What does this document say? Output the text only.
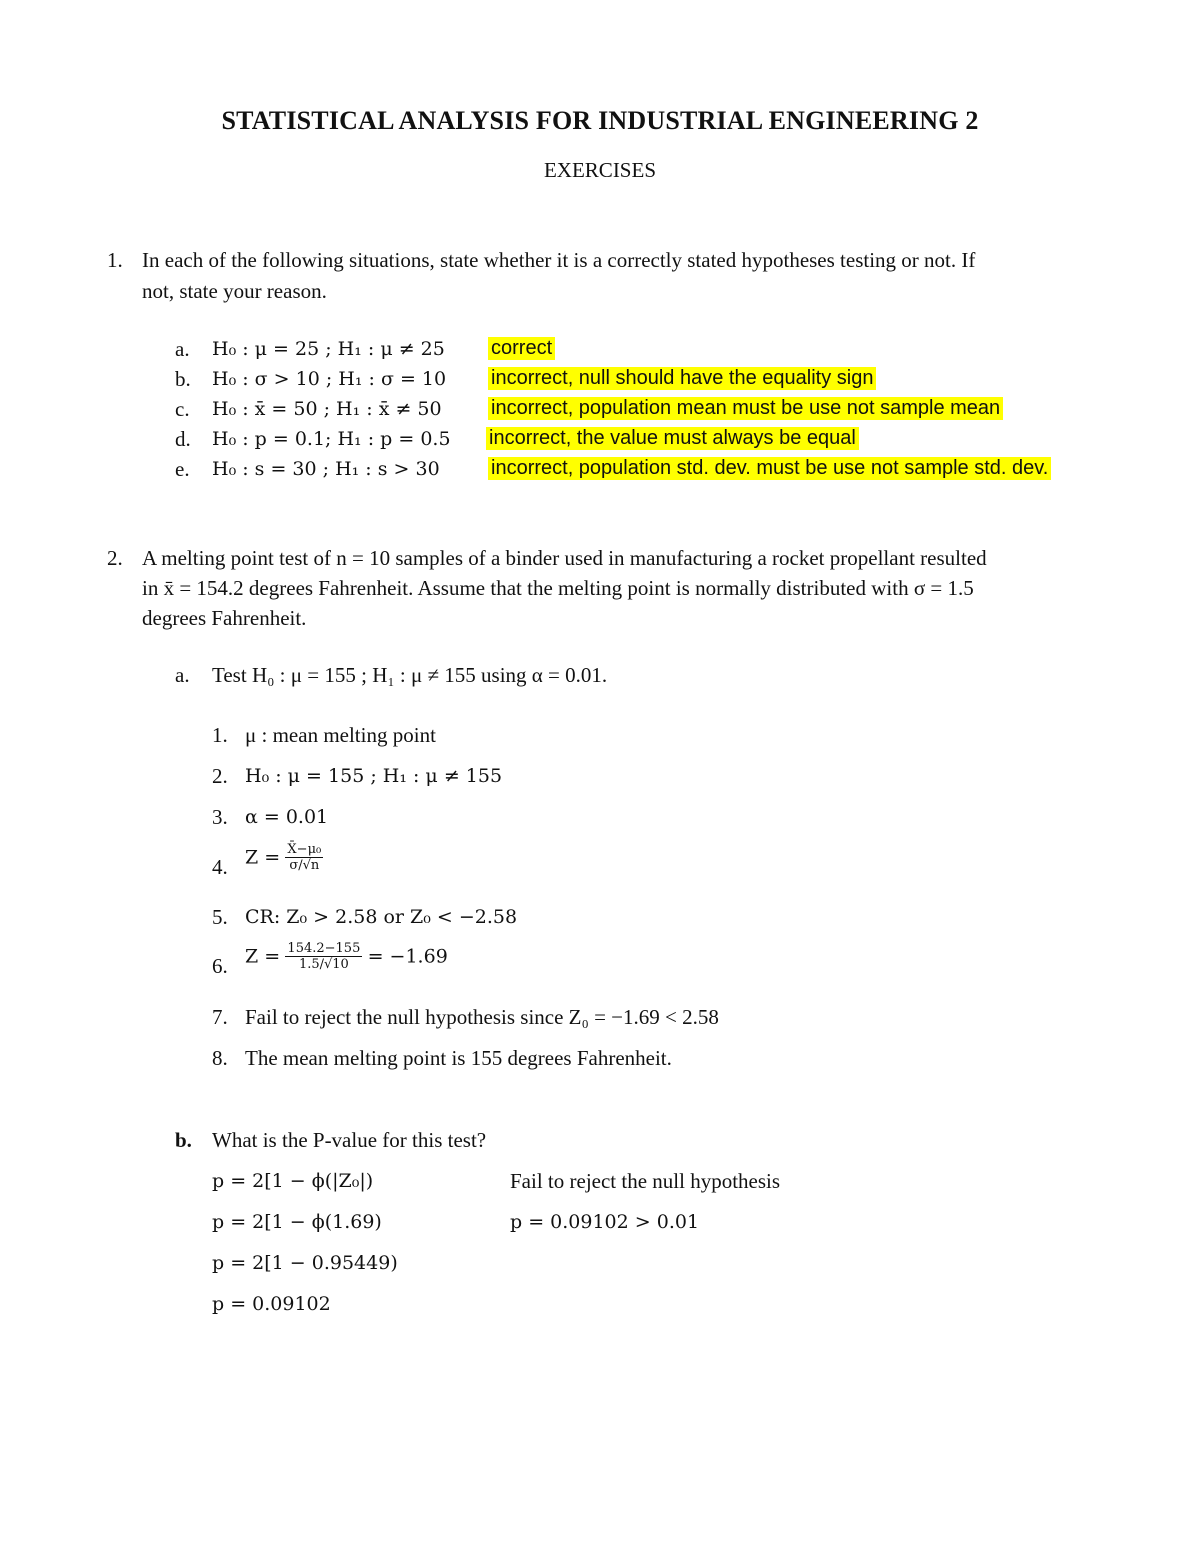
STATISTICAL ANALYSIS FOR INDUSTRIAL ENGINEERING 2
EXERCISES
1. In each of the following situations, state whether it is a correctly stated hypotheses testing or not. If
not, state your reason.
a. H₀ : μ = 25 ; H₁ : μ ≠ 25 correct
b. H₀ : σ > 10 ; H₁ : σ = 10 incorrect, null should have the equality sign
c. H₀ : x̄ = 50 ; H₁ : x̄ ≠ 50 incorrect, population mean must be use not sample mean
d. H₀ : p = 0.1; H₁ : p = 0.5 incorrect, the value must always be equal
e. H₀ : s = 30 ; H₁ : s > 30	incorrect, population std. dev. must be use not sample std. dev.
2. A melting point test of n = 10 samples of a binder used in manufacturing a rocket propellant resulted
in x̄ = 154.2 degrees Fahrenheit. Assume that the melting point is normally distributed with σ = 1.5
degrees Fahrenheit.
a. Test H₀ : μ = 155 ; H₁ : μ ≠ 155 using α = 0.01.
1. μ : mean melting point
2. H₀ : μ = 155 ; H₁ : μ ≠ 155
3. α = 0.01
4. $Z = \frac{\text{X̄−μ₀}}{\sigma/√n}$
5. CR: Z₀ > 2.58 or Z₀ < −2.58
6. $Z = \frac{154.2-155}{1.5/√10} = -1.69$
7. Fail to reject the null hypothesis since Z₀ = −1.69 < 2.58
8. The mean melting point is 155 degrees Fahrenheit.
b. What is the P-value for this test?
p = 2[1 − ϕ(|Z₀|)
p = 2[1 − ϕ(1.69)
p = 2[1 − 0.95449)
p = 0.09102
Fail to reject the null hypothesis
p = 0.09102 > 0.01
